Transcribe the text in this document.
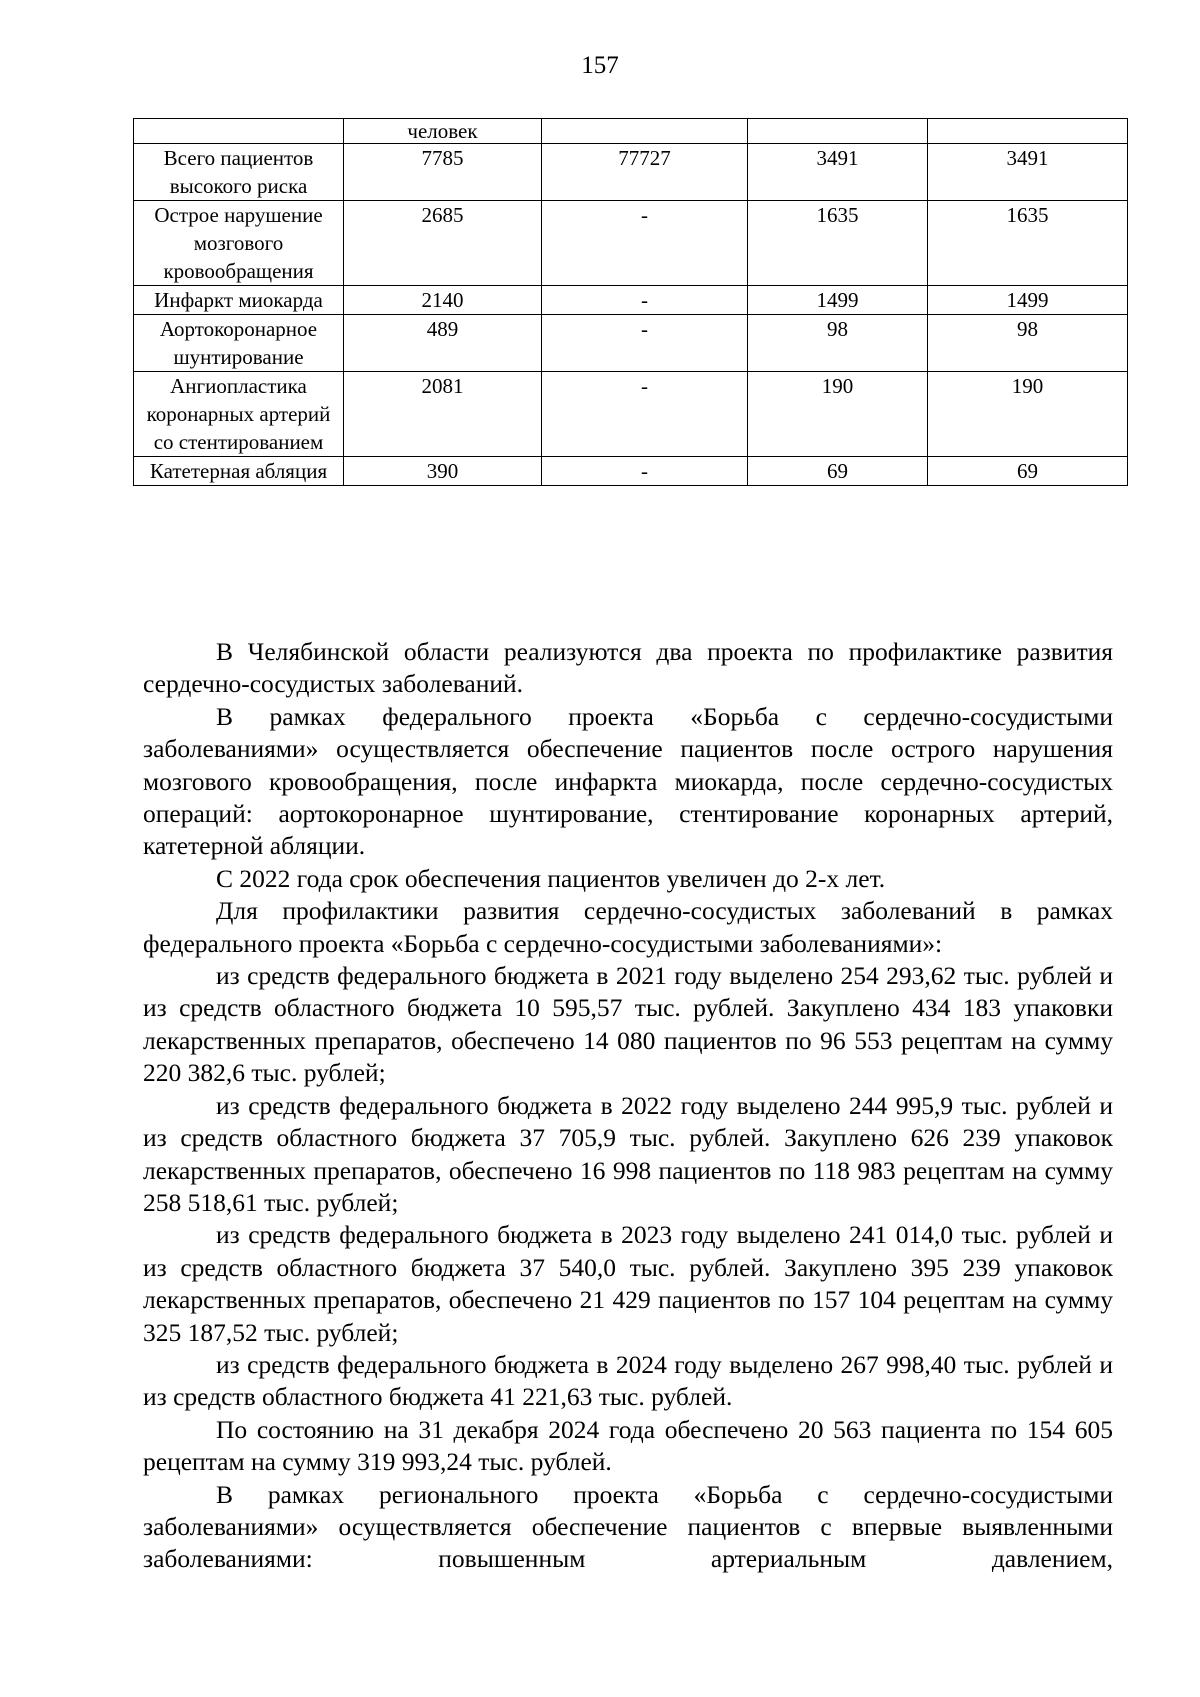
157
	человек			
Всего пациентов высокого риска	7785	77727	3491	3491
Острое нарушение мозгового кровообращения	2685	-	1635	1635
Инфаркт миокарда	2140	-	1499	1499
Аортокоронарное шунтирование	489	-	98	98
Ангиопластика коронарных артерий со стентированием	2081	-	190	190
Катетерная абляция	390	-	69	69

В Челябинской области реализуются два проекта по профилактике развития сердечно-сосудистых заболеваний.

В рамках федерального проекта «Борьба с сердечно-сосудистыми заболеваниями» осуществляется обеспечение пациентов после острого нарушения мозгового кровообращения, после инфаркта миокарда, после сердечно-сосудистых операций: аортокоронарное шунтирование, стентирование коронарных артерий, катетерной абляции.

С 2022 года срок обеспечения пациентов увеличен до 2-х лет.

Для профилактики развития сердечно-сосудистых заболеваний в рамках федерального проекта «Борьба с сердечно-сосудистыми заболеваниями»:

из средств федерального бюджета в 2021 году выделено 254 293,62 тыс. рублей и из средств областного бюджета 10 595,57 тыс. рублей. Закуплено 434 183 упаковки лекарственных препаратов, обеспечено 14 080 пациентов по 96 553 рецептам на сумму 220 382,6 тыс. рублей;

из средств федерального бюджета в 2022 году выделено 244 995,9 тыс. рублей и из средств областного бюджета 37 705,9 тыс. рублей. Закуплено 626 239 упаковок лекарственных препаратов, обеспечено 16 998 пациентов по 118 983 рецептам на сумму 258 518,61 тыс. рублей;

из средств федерального бюджета в 2023 году выделено 241 014,0 тыс. рублей и из средств областного бюджета 37 540,0 тыс. рублей. Закуплено 395 239 упаковок лекарственных препаратов, обеспечено 21 429 пациентов по 157 104 рецептам на сумму 325 187,52 тыс. рублей;

из средств федерального бюджета в 2024 году выделено 267 998,40 тыс. рублей и из средств областного бюджета 41 221,63 тыс. рублей.

По состоянию на 31 декабря 2024 года обеспечено 20 563 пациента по 154 605 рецептам на сумму 319 993,24 тыс. рублей.

В рамках регионального проекта «Борьба с сердечно-сосудистыми заболеваниями» осуществляется обеспечение пациентов с впервые выявленными заболеваниями: повышенным артериальным давлением,
